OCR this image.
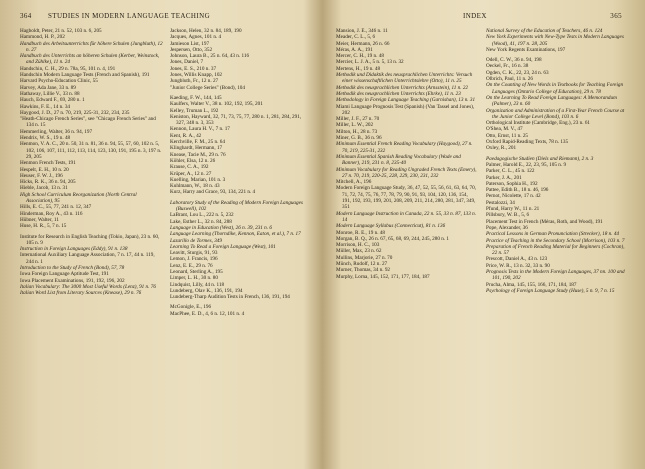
364 STUDIES IN MODERN LANGUAGE TEACHING

Hagboldt, Peter, 21 n. 52, 103 n. 6, 205

Hammond, H. P., 202

Handbuch des Arbeitsunterrichts für höhere Schulen (Jungbluth), 12 n. 27

Handbuch des Unterrichts an höheren Schulen (Kerber, Weinstock, and Zühlke), 11 n. 24

Handschin, C. H., 29 n. 78a, 95, 101 n. 4, 191

Handschin Modern Language Tests (French and Spanish), 191

Harvard Psycho-Education Clinic, 55

Harvey, Ada Jane, 33 n. 89

Hathaway, Lillie V., 33 n. 88

Hauch, Edward F., 69, 280 n. 1

Hawkins, F. E., 14 n. 34

Haygood, J. D., 27 n. 70, 219, 225-31, 232, 234, 235

"Heath-Chicago French Series", see "Chicago French Series" and 134 n. 15

Hemmerling, Walter, 36 n. 94, 197

Hendrix, W. S., 19 n. 48

Henmon, V. A. C., 20 n. 50, 31 n. 81, 36 n. 94, 55, 57, 60, 102 n. 5, 102, 106, 107, 111, 112, 113, 114, 123, 130, 191, 195 n. 3, 197 n. 29, 205

Henmon French Tests, 191

Hespelt, E. H., 10 n. 20

Heuser, F. W. J., 196

Hicks, R. K., 36 n. 94, 205

Hieble, Jacob, 13 n. 31

High School Curriculum Reorganization (North Central Association), 95

Hills, E. C., 55, 77, 241 n. 12, 347

Hinderman, Roy A., 43 n. 116

Hübner, Walter, 11

Huse, H. R., 5, 7 n. 15

Institute for Research in English Teaching (Tokio, Japan), 23 n. 60, 105 n. 9

Instruction in Foreign Languages (Eddy), 91 n. 138

International Auxiliary Language Association, 7 n. 17, 44 n. 119, 244 n. 1

Introduction to the Study of French (Bond), 57, 78

Iowa Foreign Language Aptitude Test, 191

Iowa Placement Examinations, 191, 192, 196, 202

Italian Vocabulary: The 3000 Most Useful Words (Lenz), 91 n. 76

Italian Word List from Literary Sources (Knease), 29 n. 76

Jackson, Helen, 32 n. 84, 189, 190

Jacques, Agnes, 101 n. 4

Jamieson List, 197

Jespersen, Otto, 352

Johnson, Laura B., 25 n. 64, 43 n. 116

Jones, Daniel, 7

Jones, E. S., 210 n. 37

Jones, Willis Knapp, 102

Jungbluth, Fr., 12 n. 27

"Junior College Series" (Bond), 104

Kaeding, F. W., 144, 145

Kaulfers, Walter V., 38 n. 102, 192, 195, 201

Kelley, Truman L., 192

Keniston, Hayward, 32, 71, 73, 75, 77, 280 n. 1, 281, 284, 291, 327, 348 n. 3, 353

Kennon, Laura H. V., 7 n. 17

Kent, R. A., 42

Kerchville, F. M., 25 n. 64

Klinghardt, Hermann, 17

Knease, Tacie M., 29 n. 76

Köhler, Elsa, 12 n. 26

Krause, C. A., 192

Krüper, A., 12 n. 27

Kuelling, Marian, 101 n. 3

Kuhlmann, W., 18 n. 43

Kurz, Harry and Grace, 93, 134, 221 n. 4

Laboratory Study of the Reading of Modern Foreign Languages (Buswell), 102

LaBrant, Lou L., 222 n. 5, 232

Lake, Esther L., 32 n. 84, 288

Language in Education (West), 26 n. 39, 231 n. 6

Language Learning (Thorndike, Kennon, Eaton, et al.), 7 n. 17

Lazarillo de Tormes, 349

Learning To Read a Foreign Language (West), 101

Leavitt, Sturgis, 91, 93

Lemon, J. Francis, 196

Lenz, E. E., 29 n. 76

Leonard, Sterling A., 195

Limper, L. H., 30 n. 80

Lindquist, Lilly, 44 n. 118

Lundeberg, Olav K., 136, 191, 194

Lundeberg-Tharp Audition Tests in French, 136, 191, 194

McGonigle, E., 196

MacPhee, E. D., 4, 6 n. 12, 101 n. 4

INDEX	365

Mansion, J. E., 346 n. 11

Meader, C. L., 5, 6

Meier, Hermann, 26 n. 66

Méras, A. A., 191

Mercer, C. H., 19 n. 48

Mercier, L. J. A., 5 n. 5, 13 n. 32

Mertens, H., 19 n. 48

Methodik und Didaktik des neusprachlichen Unterrichts: Versuch einer wissenschaftlichen Unterrichtslehre (Otto), 11 n. 25

Methodik des neusprachlichen Unterrichts (Arnsstein), 11 n. 22

Methodik des neusprachlichen Unterrichts (Ehrke), 11 n. 23

Methodology in Foreign Language Teaching (Garnishan), 13 n. 31

Miami Language Prognosis Test (Spanish) (Van Tassel and Jones), 202

Miller, J. F., 27 n. 70

Miller, L. W., 202

Milton, H., 28 n. 73

Miner, G. B., 36 n. 96

Minimum Essential French Reading Vocabulary (Haygood), 27 n. 70, 219, 225-31, 232

Minimum Essential Spanish Reading Vocabulary (Wade and Banner), 219, 231 n. 8, 235-40

Minimum Vocabulary for Reading Ungraded French Texts (Emery), 27 n. 70, 219, 220-25, 228, 229, 230, 231, 232

Mitchell, A., 196

Modern Foreign Language Study, 36, 47, 52, 55, 56, 61, 63, 64, 70, 71, 72, 74, 75, 76, 77, 78, 79, 90, 91, 93, 104, 120, 136, 154, 191, 192, 193, 199, 201, 208, 209, 211, 214, 280, 281, 347, 349, 351

Modern Language Instruction in Canada, 22 n. 55, 33 n. 87, 133 n. 14

Modern Language Syllabus (Connecticut), 81 n. 136

Monroe, R. E., 19 n. 48

Morgan, B. Q., 26 n. 67, 65, 68, 69, 244, 245, 280 n. 1

Morrison, H. C., 103

Müller, Max, 23 n. 62

Mullins, Marjorie, 27 n. 70

Münch, Rudolf, 12 n. 27

Murner, Thomas, 34 n. 92

Murphy, Lorna, 145, 152, 171, 177, 184, 187

National Survey of the Education of Teachers, 46 n. 124

New York Experiments with New-Type Tests in Modern Languages (Wood), 41, 197 n. 28, 205

New York Regents Examinations, 197

Odell, C. W., 36 n. 94, 198

Oeckel, Fr., 16 n. 38

Ogden, C. K., 22, 23, 24 n. 63

Olbrich, Paul, 11 n. 26

On the Counting of New Words in Textbooks for Teaching Foreign Languages (Ontario College of Education), 29 n. 78

On the Learning To Read Foreign Languages: A Memorandum (Palmer), 23 n. 60

Organization and Administration of a First-Year French Course at the Junior College Level (Bond), 103 n. 6

Orthological Institute (Cambridge, Eng.), 23 n. 61

O'Shea, M. V., 47

Otto, Ernst, 11 n. 25

Oxford Rapid-Reading Texts, 78 n. 135

Oxley, R., 201

Paedagogische Studien (Diels and Riemann), 2 n. 3

Palmer, Harold E., 22, 23, 95, 105 n. 9

Parker, C. L., 45 n. 122

Parker, J. A., 201

Paterson, Sophia H., 192

Pattee, Edith B., 18 n. 46, 196

Pernot, Nicolette, 17 n. 42

Pestalozzi, 34

Pfund, Harry W., 11 n. 21

Pillsbury, W. B., 5, 6

Placement Test in French (Méras, Roth, and Wood), 191

Pope, Alexander, 36

Practical Lessons in German Pronunciation (Strecker), 18 n. 44

Practice of Teaching in the Secondary School (Morrison), 103 n. 7

Preparation of French Reading Material for Beginners (Cochran), 22 n. 57

Prescott, Daniel A., 43 n. 123

Price, W. R., 13 n. 32, 33 n. 90

Prognosis Tests in the Modern Foreign Languages, 37 nn. 100 and 101, 190, 202

Prucha, Alma, 145, 155, 166, 171, 184, 187

Psychology of Foreign Language Study (Huse), 5 n. 9, 7 n. 15
